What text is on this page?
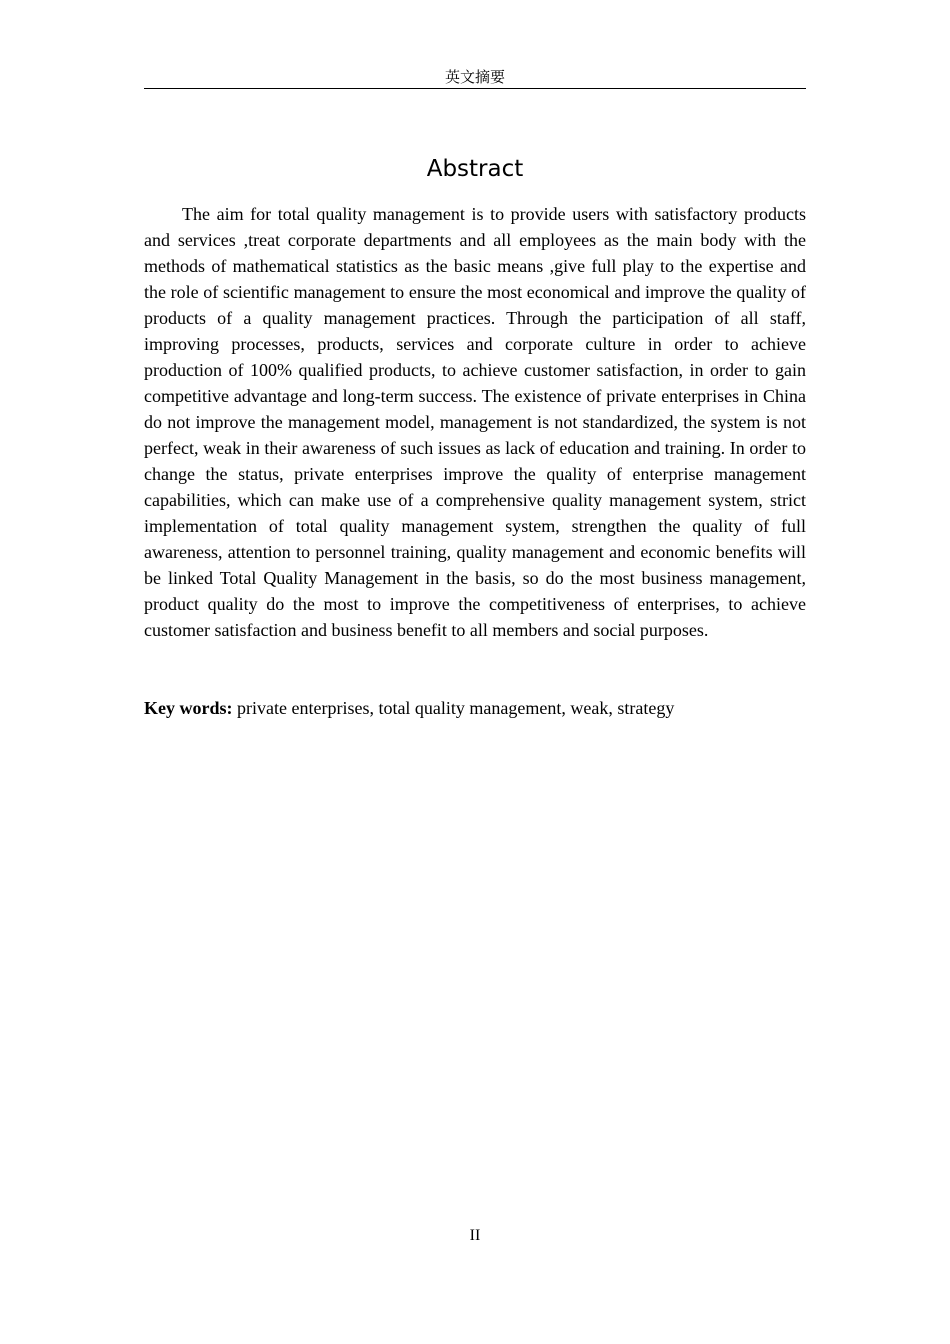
英文摘要
Abstract

The aim for total quality management is to provide users with satisfactory products and services ,treat corporate departments and all employees as the main body with the methods of mathematical statistics as the basic means ,give full play to the expertise and the role of scientific management to ensure the most economical and improve the quality of products of a quality management practices. Through the participation of all staff, improving processes, products, services and corporate culture in order to achieve production of 100% qualified products, to achieve customer satisfaction, in order to gain competitive advantage and long-term success. The existence of private enterprises in China do not improve the management model, management is not standardized, the system is not perfect, weak in their awareness of such issues as lack of education and training. In order to change the status, private enterprises improve the quality of enterprise management capabilities, which can make use of a comprehensive quality management system, strict implementation of total quality management system, strengthen the quality of full awareness, attention to personnel training, quality management and economic benefits will be linked Total Quality Management in the basis, so do the most business management, product quality do the most to improve the competitiveness of enterprises, to achieve customer satisfaction and business benefit to all members and social purposes.

Key words: private enterprises, total quality management, weak, strategy

II
